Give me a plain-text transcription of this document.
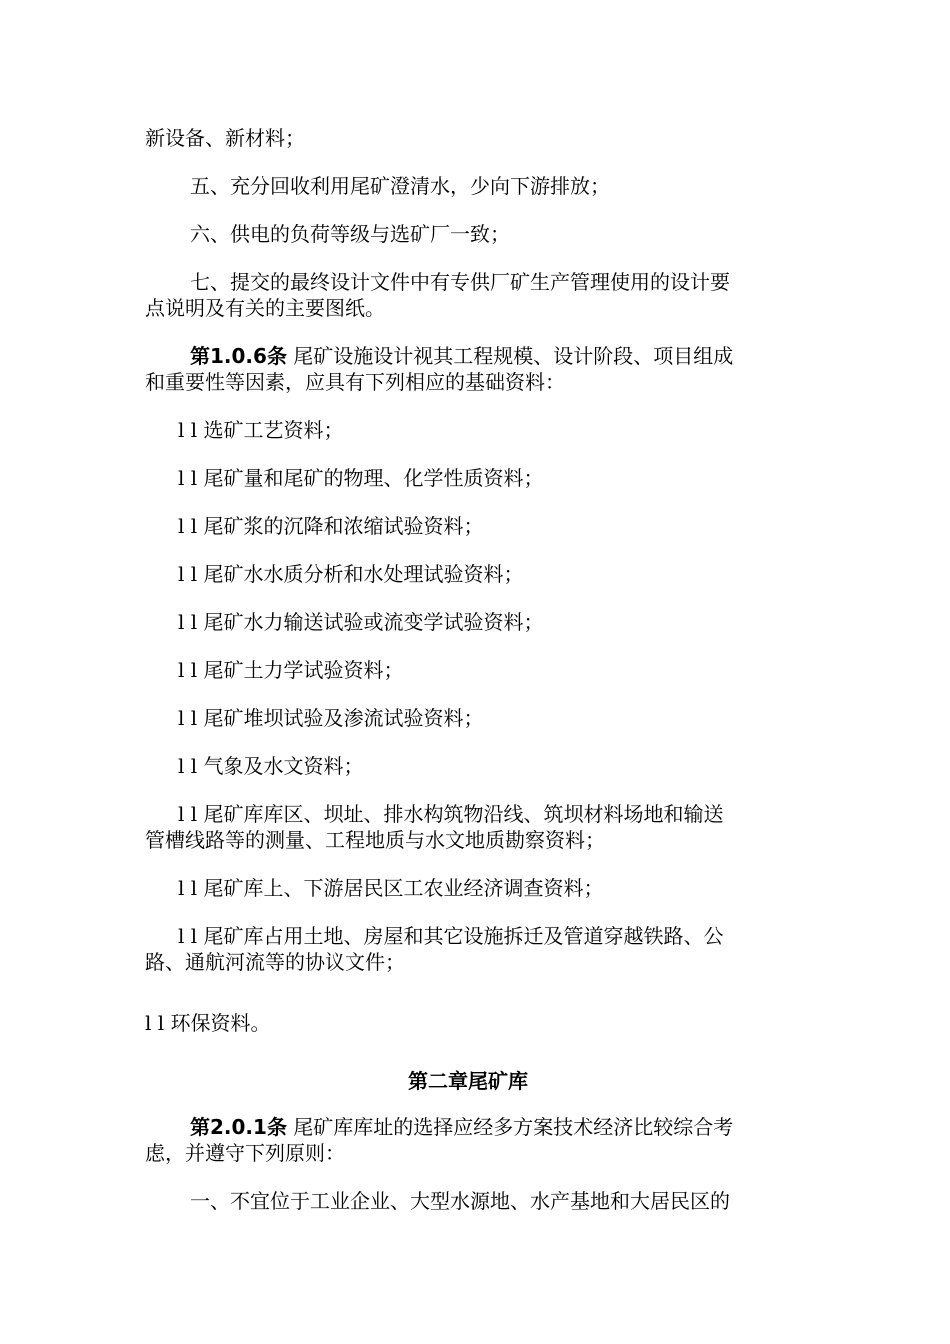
新设备、新材料；
五、充分回收利用尾矿澄清水，少向下游排放；
六、供电的负荷等级与选矿厂一致；
七、提交的最终设计文件中有专供厂矿生产管理使用的设计要
点说明及有关的主要图纸。
第1.0.6条 尾矿设施设计视其工程规模、设计阶段、项目组成
和重要性等因素，应具有下列相应的基础资料：
l l 选矿工艺资料；
l l 尾矿量和尾矿的物理、化学性质资料；
l l 尾矿浆的沉降和浓缩试验资料；
l l 尾矿水水质分析和水处理试验资料；
l l 尾矿水力输送试验或流变学试验资料；
l l 尾矿土力学试验资料；
l l 尾矿堆坝试验及渗流试验资料；
l l 气象及水文资料；
l l 尾矿库库区、坝址、排水构筑物沿线、筑坝材料场地和输送
管槽线路等的测量、工程地质与水文地质勘察资料；
l l 尾矿库上、下游居民区工农业经济调查资料；
l l 尾矿库占用土地、房屋和其它设施拆迁及管道穿越铁路、公
路、通航河流等的协议文件；
l l 环保资料。
第二章尾矿库
第2.0.1条 尾矿库库址的选择应经多方案技术经济比较综合考
虑，并遵守下列原则：
一、不宜位于工业企业、大型水源地、水产基地和大居民区的
